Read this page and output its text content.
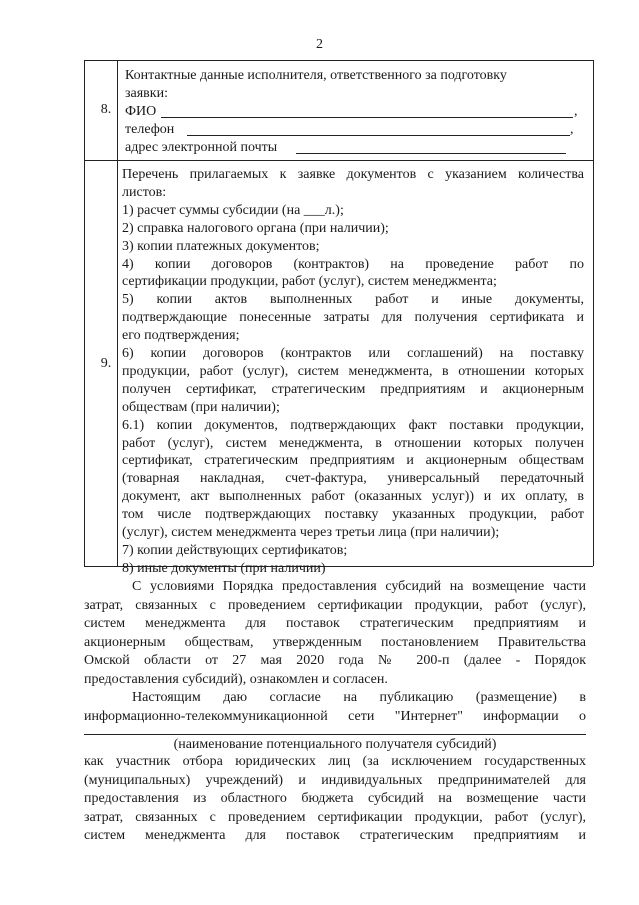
2
8.
Контактные данные исполнителя, ответственного за подготовку
заявки:
ФИО	,
телефон	,
адрес электронной почты
9.
Перечень прилагаемых к заявке документов с указанием количества
листов:
1) расчет суммы субсидии (на ___л.);
2) справка налогового органа (при наличии);
3) копии платежных документов;
4) копии договоров (контрактов) на проведение работ по
сертификации продукции, работ (услуг), систем менеджмента;
5) копии актов выполненных работ и иные документы,
подтверждающие понесенные затраты для получения сертификата и
его подтверждения;
6) копии договоров (контрактов или соглашений) на поставку
продукции, работ (услуг), систем менеджмента, в отношении которых
получен сертификат, стратегическим предприятиям и акционерным
обществам (при наличии);
6.1) копии документов, подтверждающих факт поставки продукции,
работ (услуг), систем менеджмента, в отношении которых получен
сертификат, стратегическим предприятиям и акционерным обществам
(товарная накладная, счет-фактура, универсальный передаточный
документ, акт выполненных работ (оказанных услуг)) и их оплату, в
том числе подтверждающих поставку указанных продукции, работ
(услуг), систем менеджмента через третьи лица (при наличии);
7) копии действующих сертификатов;
8) иные документы (при наличии)
С условиями Порядка предоставления субсидий на возмещение части
затрат, связанных с проведением сертификации продукции, работ (услуг),
систем менеджмента для поставок стратегическим предприятиям и
акционерным обществам, утвержденным постановлением Правительства
Омской области от 27 мая 2020 года № 200-п (далее - Порядок
предоставления субсидий), ознакомлен и согласен.
Настоящим даю согласие на публикацию (размещение) в
информационно-телекоммуникационной сети "Интернет" информации о
(наименование потенциального получателя субсидий)
как участник отбора юридических лиц (за исключением государственных
(муниципальных) учреждений) и индивидуальных предпринимателей для
предоставления из областного бюджета субсидий на возмещение части
затрат, связанных с проведением сертификации продукции, работ (услуг),
систем менеджмента для поставок стратегическим предприятиям и
